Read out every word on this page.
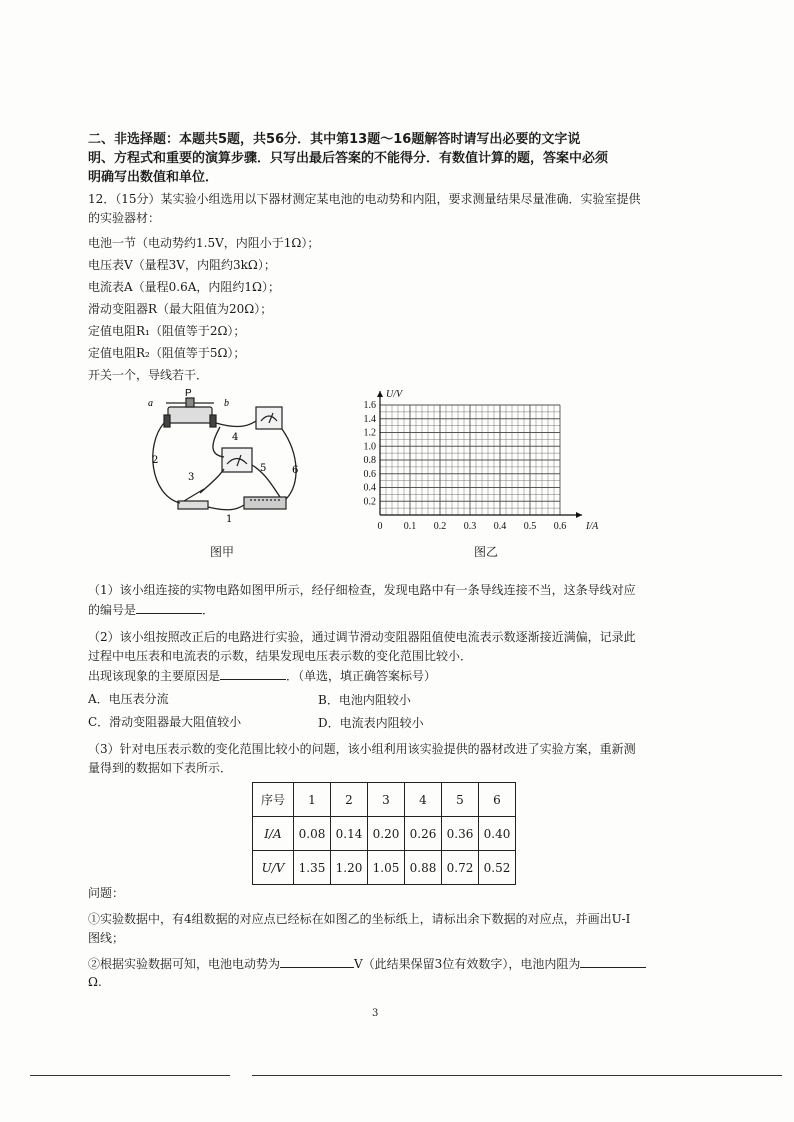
二、非选择题：本题共5题，共56分．其中第13题～16题解答时请写出必要的文字说
明、方程式和重要的演算步骤．只写出最后答案的不能得分．有数值计算的题，答案中必须
明确写出数值和单位．
12．（15分）某实验小组选用以下器材测定某电池的电动势和内阻，要求测量结果尽量准确．实验室提供
的实验器材：
电池一节（电动势约1.5V，内阻小于1Ω）；
电压表V（量程3V，内阻约3kΩ）；
电流表A（量程0.6A，内阻约1Ω）；
滑动变阻器R（最大阻值为20Ω）；
定值电阻R₁（阻值等于2Ω）；
定值电阻R₂（阻值等于5Ω）；
开关一个，导线若干．
P
a	b
1
2
3
4
5	6
图甲
0.2
0.4
0.6
0.8
1.0
1.2
1.4
1.6
0.1 0.2 0.3 0.4 0.5 0.6
0	I/A
U/V
图乙
（1）该小组连接的实物电路如图甲所示，经仔细检查，发现电路中有一条导线连接不当，这条导线对应
的编号是	．
（2）该小组按照改正后的电路进行实验，通过调节滑动变阻器阻值使电流表示数逐渐接近满偏，记录此
过程中电压表和电流表的示数，结果发现电压表示数的变化范围比较小．
出现该现象的主要原因是	．（单选，填正确答案标号）
A．电压表分流	B．电池内阻较小
C．滑动变阻器最大阻值较小	D．电流表内阻较小
（3）针对电压表示数的变化范围比较小的问题，该小组利用该实验提供的器材改进了实验方案，重新测
量得到的数据如下表所示．
序号	1	2	3	4	5	6
I/A	0.08	0.14	0.20	0.26	0.36	0.40
U/V	1.35	1.20	1.05	0.88	0.72	0.52
问题：
①实验数据中，有4组数据的对应点已经标在如图乙的坐标纸上，请标出余下数据的对应点，并画出U-I
图线；
②根据实验数据可知，电池电动势为	V（此结果保留3位有效数字），电池内阻为
Ω.
3
